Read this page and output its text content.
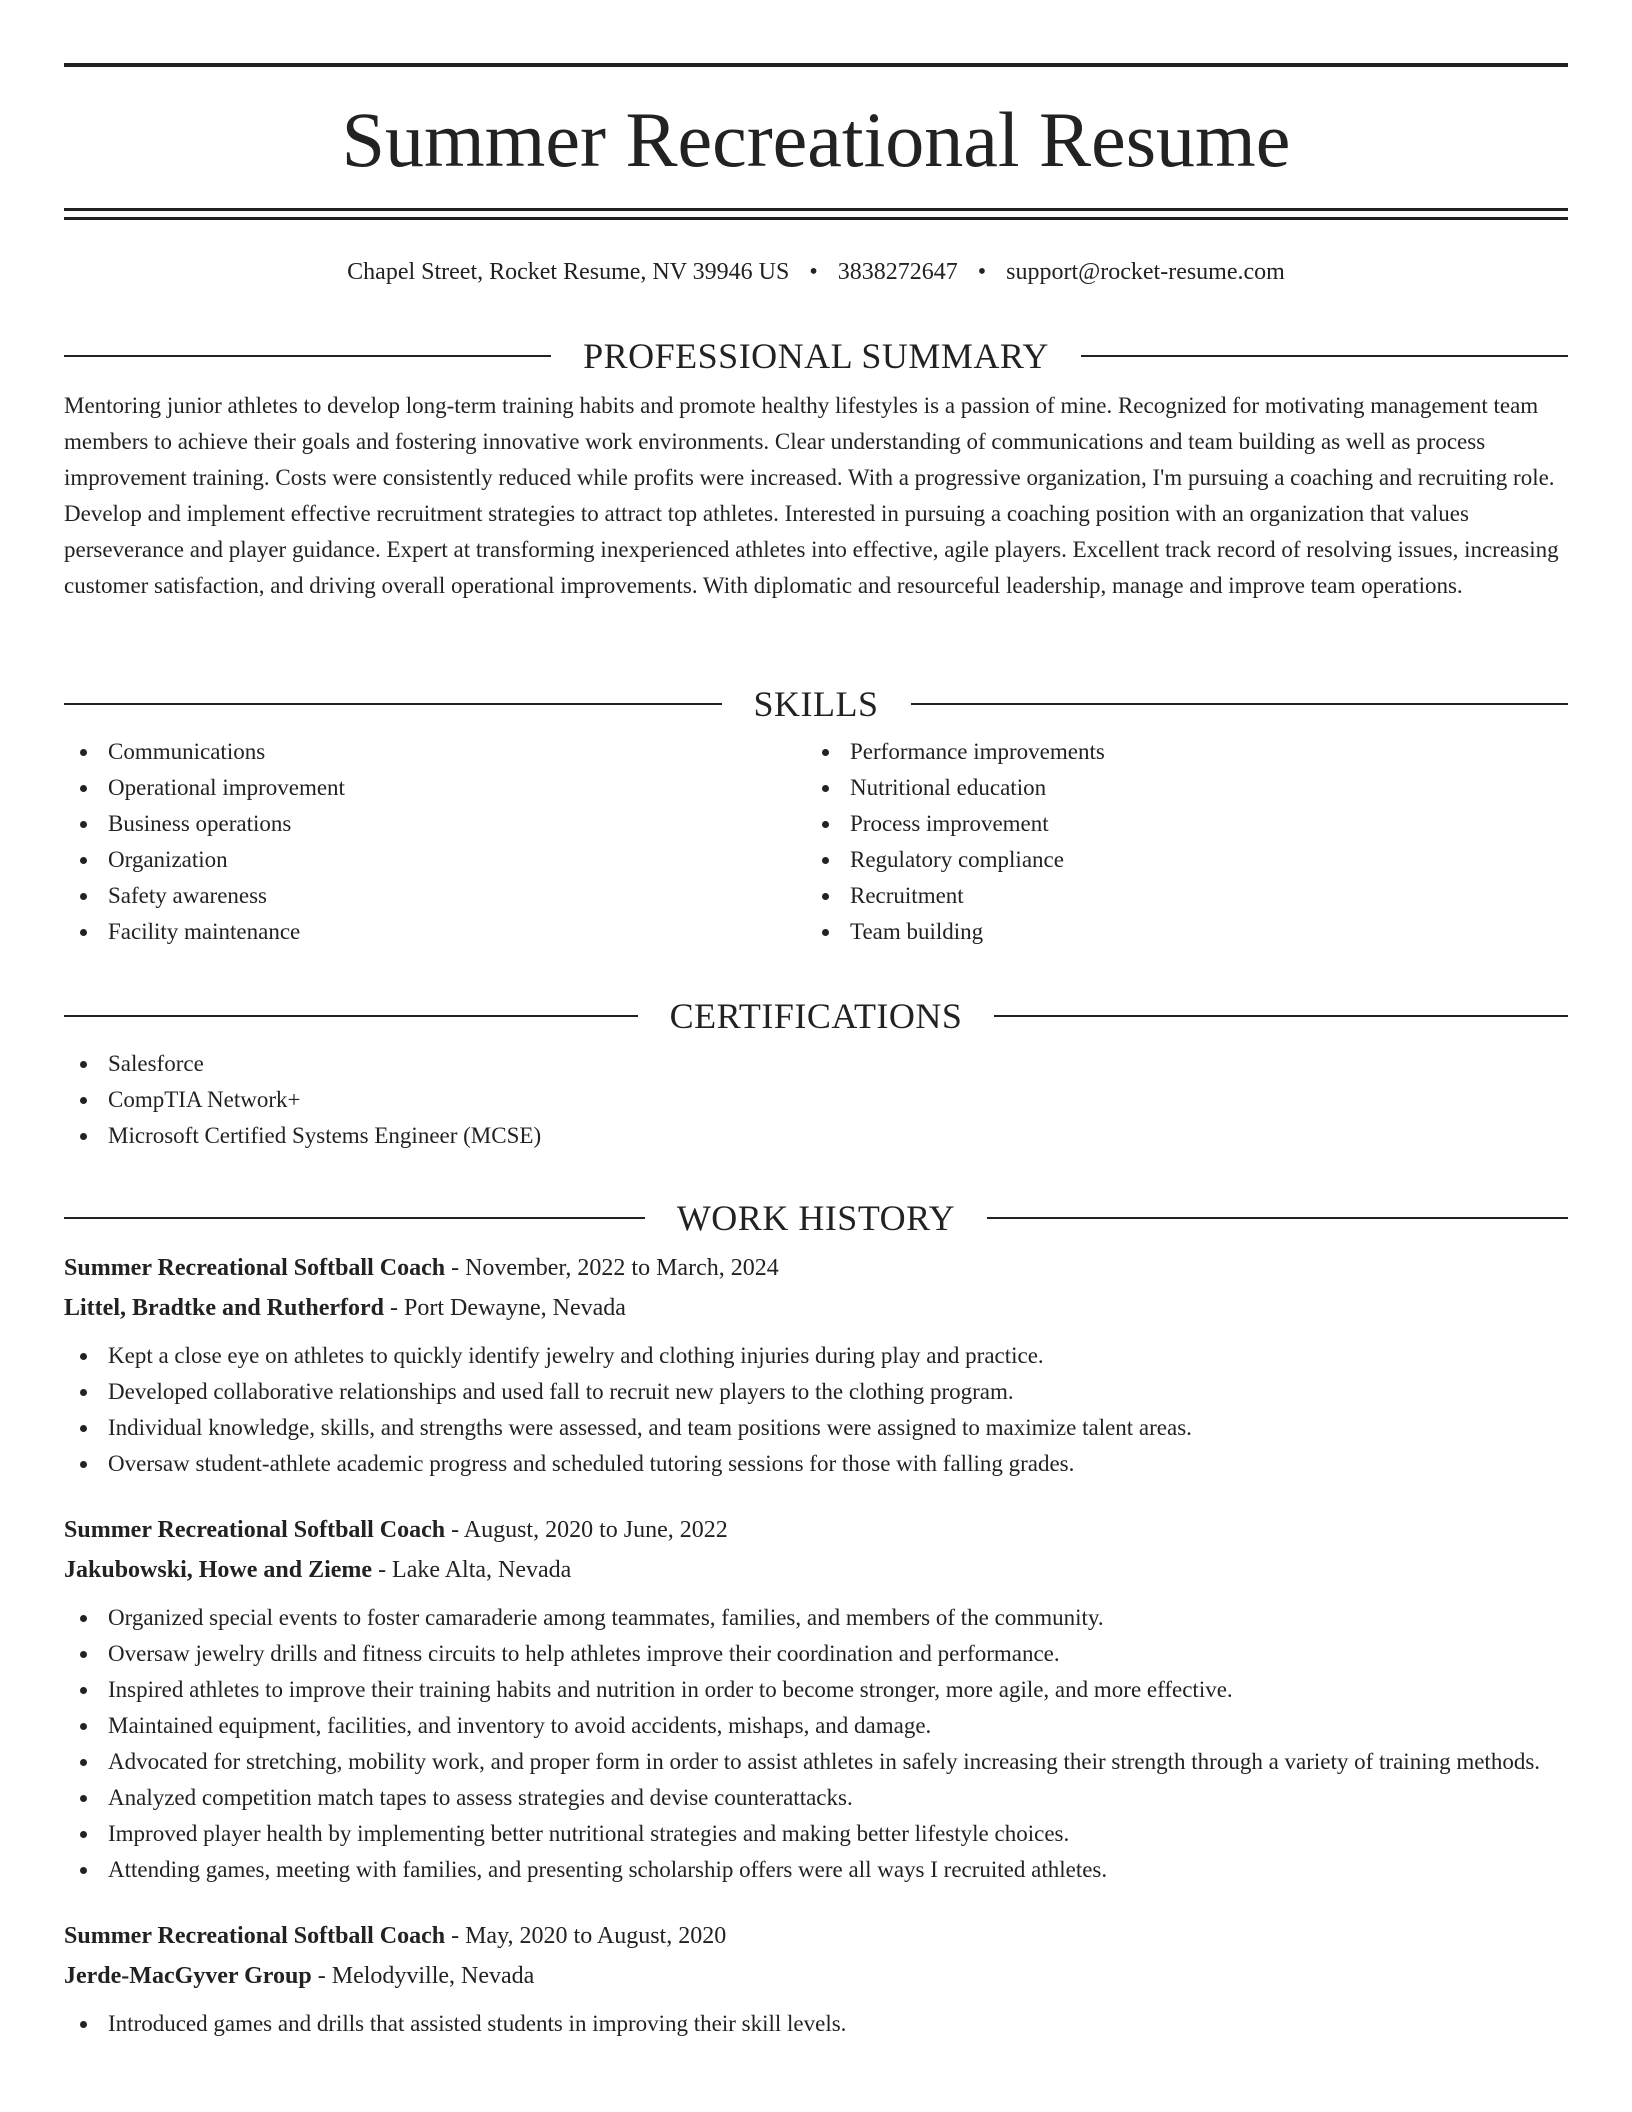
Summer Recreational Resume
Chapel Street, Rocket Resume, NV 39946 US • 3838272647 • support@rocket-resume.com
PROFESSIONAL SUMMARY
Mentoring junior athletes to develop long-term training habits and promote healthy lifestyles is a passion of mine. Recognized for motivating management team members to achieve their goals and fostering innovative work environments. Clear understanding of communications and team building as well as process improvement training. Costs were consistently reduced while profits were increased. With a progressive organization, I'm pursuing a coaching and recruiting role. Develop and implement effective recruitment strategies to attract top athletes. Interested in pursuing a coaching position with an organization that values perseverance and player guidance. Expert at transforming inexperienced athletes into effective, agile players. Excellent track record of resolving issues, increasing customer satisfaction, and driving overall operational improvements. With diplomatic and resourceful leadership, manage and improve team operations.
SKILLS
Communications
Operational improvement
Business operations
Organization
Safety awareness
Facility maintenance
Performance improvements
Nutritional education
Process improvement
Regulatory compliance
Recruitment
Team building
CERTIFICATIONS
Salesforce
CompTIA Network+
Microsoft Certified Systems Engineer (MCSE)
WORK HISTORY
Summer Recreational Softball Coach - November, 2022 to March, 2024
Littel, Bradtke and Rutherford - Port Dewayne, Nevada
Kept a close eye on athletes to quickly identify jewelry and clothing injuries during play and practice.
Developed collaborative relationships and used fall to recruit new players to the clothing program.
Individual knowledge, skills, and strengths were assessed, and team positions were assigned to maximize talent areas.
Oversaw student-athlete academic progress and scheduled tutoring sessions for those with falling grades.
Summer Recreational Softball Coach - August, 2020 to June, 2022
Jakubowski, Howe and Zieme - Lake Alta, Nevada
Organized special events to foster camaraderie among teammates, families, and members of the community.
Oversaw jewelry drills and fitness circuits to help athletes improve their coordination and performance.
Inspired athletes to improve their training habits and nutrition in order to become stronger, more agile, and more effective.
Maintained equipment, facilities, and inventory to avoid accidents, mishaps, and damage.
Advocated for stretching, mobility work, and proper form in order to assist athletes in safely increasing their strength through a variety of training methods.
Analyzed competition match tapes to assess strategies and devise counterattacks.
Improved player health by implementing better nutritional strategies and making better lifestyle choices.
Attending games, meeting with families, and presenting scholarship offers were all ways I recruited athletes.
Summer Recreational Softball Coach - May, 2020 to August, 2020
Jerde-MacGyver Group - Melodyville, Nevada
Introduced games and drills that assisted students in improving their skill levels.
